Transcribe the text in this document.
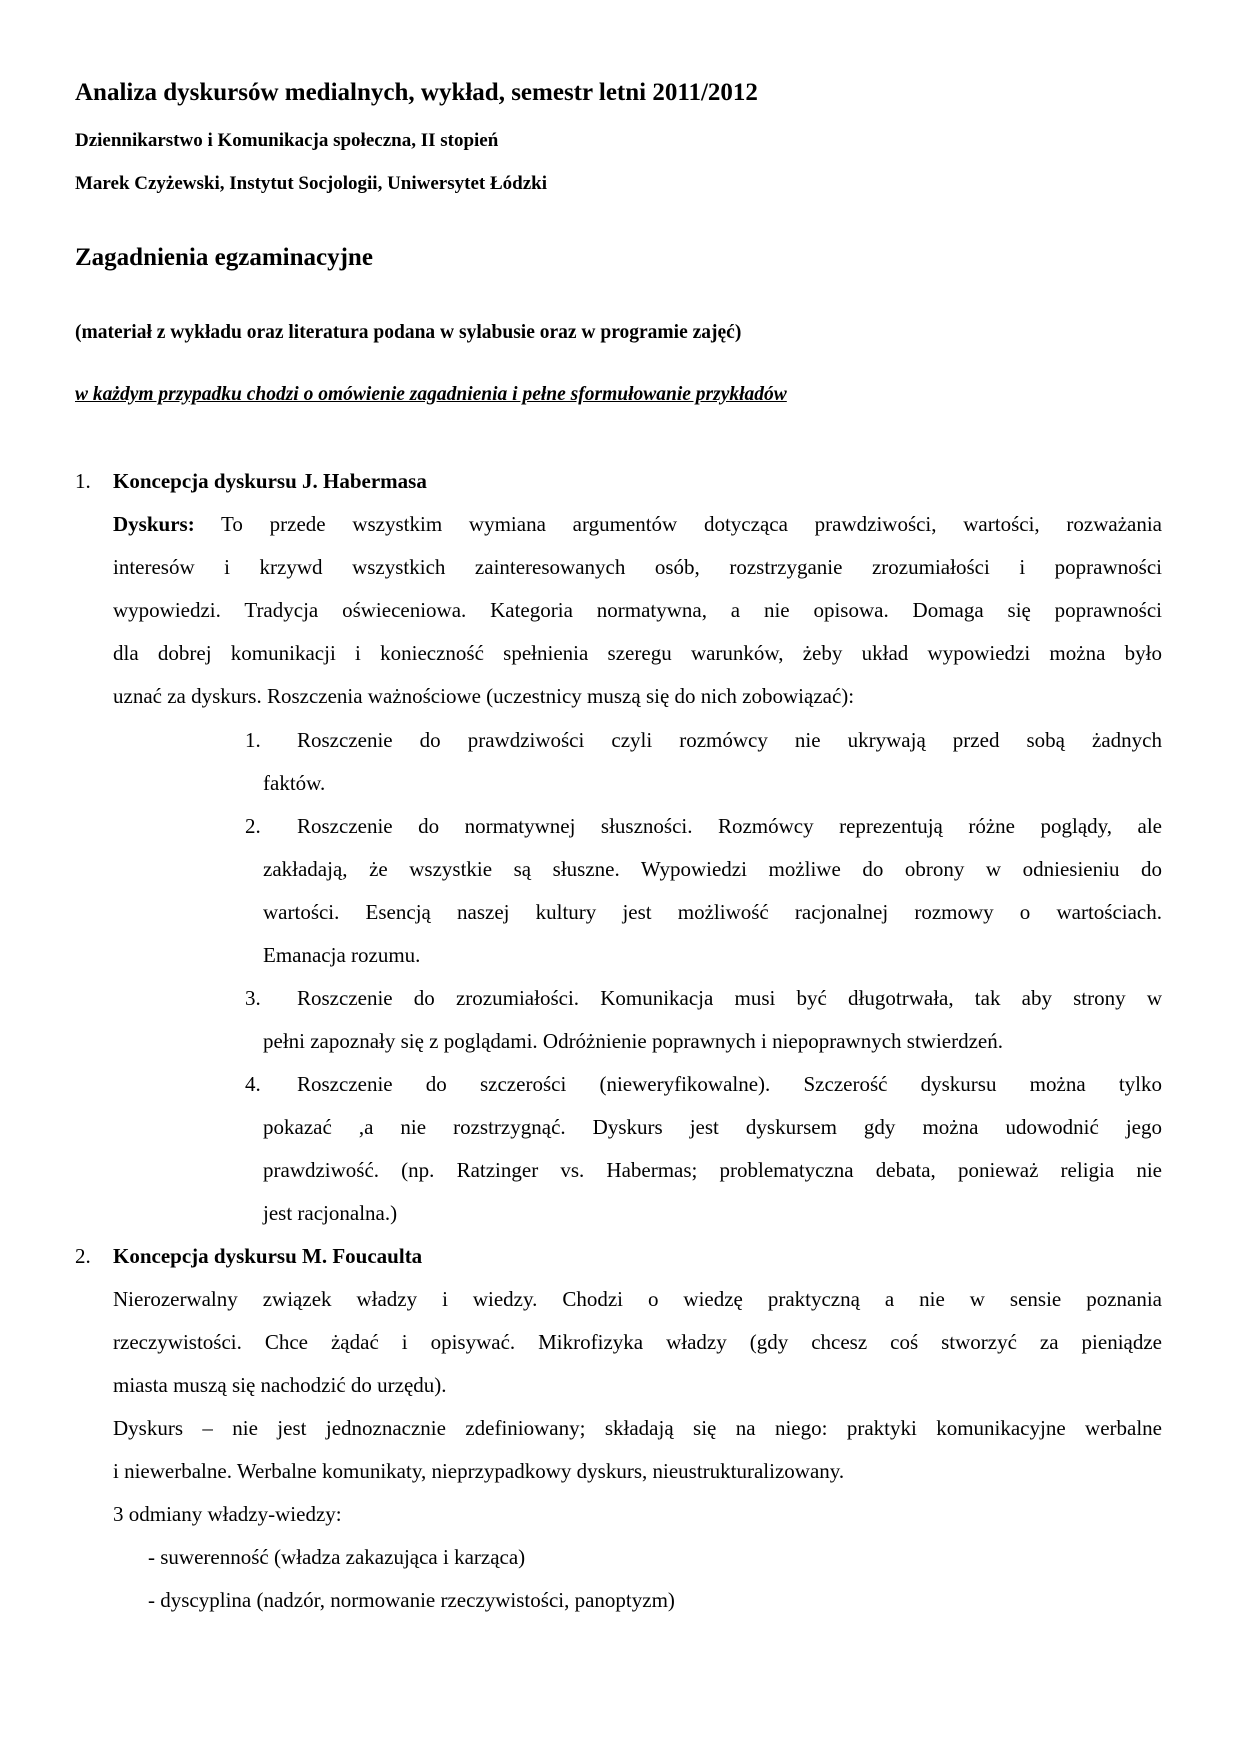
Analiza dyskursów medialnych, wykład, semestr letni 2011/2012
Dziennikarstwo i Komunikacja społeczna, II stopień
Marek Czyżewski, Instytut Socjologii, Uniwersytet Łódzki
Zagadnienia egzaminacyjne
(materiał z wykładu oraz literatura podana w sylabusie oraz w programie zajęć)
w każdym przypadku chodzi o omówienie zagadnienia i pełne sformułowanie przykładów
1. Koncepcja dyskursu J. Habermasa
Dyskurs: To przede wszystkim wymiana argumentów dotycząca prawdziwości, wartości, rozważania
interesów i krzywd wszystkich zainteresowanych osób, rozstrzyganie zrozumiałości i poprawności
wypowiedzi. Tradycja oświeceniowa. Kategoria normatywna, a nie opisowa. Domaga się poprawności
dla dobrej komunikacji i konieczność spełnienia szeregu warunków, żeby układ wypowiedzi można było
uznać za dyskurs. Roszczenia ważnościowe (uczestnicy muszą się do nich zobowiązać):
1. Roszczenie do prawdziwości czyli rozmówcy nie ukrywają przed sobą żadnych
faktów.
2. Roszczenie do normatywnej słuszności. Rozmówcy reprezentują różne poglądy, ale
zakładają, że wszystkie są słuszne. Wypowiedzi możliwe do obrony w odniesieniu do
wartości. Esencją naszej kultury jest możliwość racjonalnej rozmowy o wartościach.
Emanacja rozumu.
3. Roszczenie do zrozumiałości. Komunikacja musi być długotrwała, tak aby strony w
pełni zapoznały się z poglądami. Odróżnienie poprawnych i niepoprawnych stwierdzeń.
4. Roszczenie do szczerości (nieweryfikowalne). Szczerość dyskursu można tylko
pokazać ,a nie rozstrzygnąć. Dyskurs jest dyskursem gdy można udowodnić jego
prawdziwość. (np. Ratzinger vs. Habermas; problematyczna debata, ponieważ religia nie
jest racjonalna.)
2. Koncepcja dyskursu M. Foucaulta
Nierozerwalny związek władzy i wiedzy. Chodzi o wiedzę praktyczną a nie w sensie poznania
rzeczywistości. Chce żądać i opisywać. Mikrofizyka władzy (gdy chcesz coś stworzyć za pieniądze
miasta muszą się nachodzić do urzędu).
Dyskurs – nie jest jednoznacznie zdefiniowany; składają się na niego: praktyki komunikacyjne werbalne
i niewerbalne. Werbalne komunikaty, nieprzypadkowy dyskurs, nieustrukturalizowany.
3 odmiany władzy-wiedzy:
- suwerenność (władza zakazująca i karząca)
- dyscyplina (nadzór, normowanie rzeczywistości, panoptyzm)
